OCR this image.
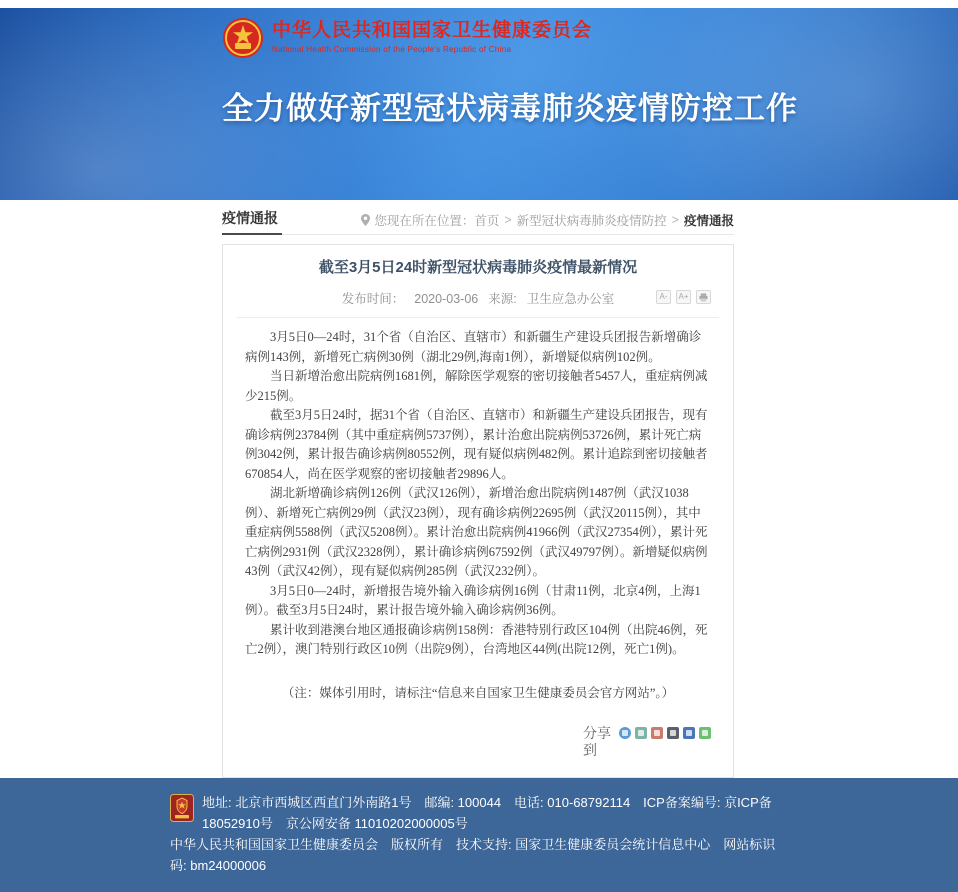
中华人民共和国国家卫生健康委员会
National Health Commission of the People's Republic of China
全力做好新型冠状病毒肺炎疫情防控工作
疫情通报	您现在所在位置： 首页 > 新型冠状病毒肺炎疫情防控 > 疫情通报
截至3月5日24时新型冠状病毒肺炎疫情最新情况
发布时间： 2020-03-06 来源: 卫生应急办公室	A-	A+

3月5日0—24时，31个省（自治区、直辖市）和新疆生产建设兵团报告新增确诊病例143例，新增死亡病例30例（湖北29例,海南1例），新增疑似病例102例。

当日新增治愈出院病例1681例，解除医学观察的密切接触者5457人，重症病例减少215例。

截至3月5日24时，据31个省（自治区、直辖市）和新疆生产建设兵团报告，现有确诊病例23784例（其中重症病例5737例），累计治愈出院病例53726例，累计死亡病例3042例，累计报告确诊病例80552例，现有疑似病例482例。累计追踪到密切接触者670854人，尚在医学观察的密切接触者29896人。

湖北新增确诊病例126例（武汉126例），新增治愈出院病例1487例（武汉1038例）、新增死亡病例29例（武汉23例），现有确诊病例22695例（武汉20115例），其中重症病例5588例（武汉5208例）。累计治愈出院病例41966例（武汉27354例），累计死亡病例2931例（武汉2328例），累计确诊病例67592例（武汉49797例）。新增疑似病例43例（武汉42例），现有疑似病例285例（武汉232例）。

3月5日0—24时，新增报告境外输入确诊病例16例（甘肃11例，北京4例，上海1例）。截至3月5日24时，累计报告境外输入确诊病例36例。

累计收到港澳台地区通报确诊病例158例：香港特别行政区104例（出院46例，死亡2例），澳门特别行政区10例（出院9例），台湾地区44例(出院12例，死亡1例)。

（注：媒体引用时，请标注“信息来自国家卫生健康委员会官方网站”。）

分享到

地址: 北京市西城区西直门外南路1号　邮编: 100044　电话: 010-68792114　ICP备案编号: 京ICP备18052910号　京公网安备 11010202000005号

中华人民共和国国家卫生健康委员会　版权所有　技术支持: 国家卫生健康委员会统计信息中心　网站标识码: bm24000006
